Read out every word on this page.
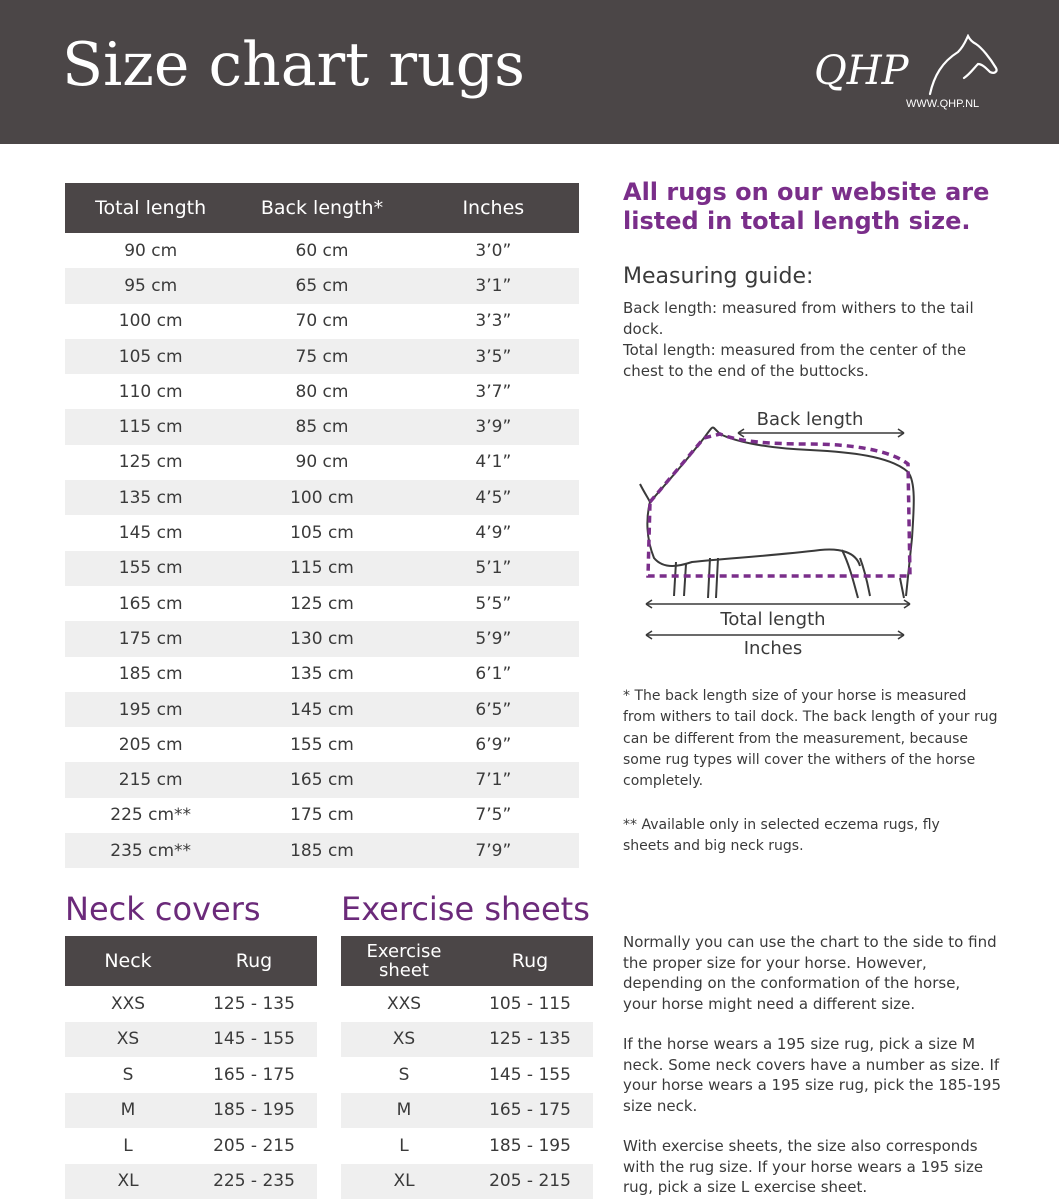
Size chart rugs	QHP
WWW.QHP.NL
Total length	Back length*	Inches
90 cm	60 cm	3’0”
95 cm	65 cm	3’1”
100 cm	70 cm	3’3”
105 cm	75 cm	3’5”
110 cm	80 cm	3’7”
115 cm	85 cm	3’9”
125 cm	90 cm	4’1”
135 cm	100 cm	4’5”
145 cm	105 cm	4’9”
155 cm	115 cm	5’1”
165 cm	125 cm	5’5”
175 cm	130 cm	5’9”
185 cm	135 cm	6’1”
195 cm	145 cm	6’5”
205 cm	155 cm	6’9”
215 cm	165 cm	7’1”
225 cm**	175 cm	7’5”
235 cm**	185 cm	7’9”
All rugs on our website are listed in total length size.
Measuring guide:

Back length: measured from withers to the tail dock.

Total length: measured from the center of the chest to the end of the buttocks.

Back length
Total length
Inches
* The back length size of your horse is measured from withers to tail dock. The back length of your rug can be different from the measurement, because some rug types will cover the withers of the horse completely.
** Available only in selected eczema rugs, fly sheets and big neck rugs.
Neck covers
Neck	Rug
XXS	125 - 135
XS	145 - 155
S	165 - 175
M	185 - 195
L	205 - 215
XL	225 - 235
Exercise sheets
Exercise sheet	Rug
XXS	105 - 115
XS	125 - 135
S	145 - 155
M	165 - 175
L	185 - 195
XL	205 - 215
Normally you can use the chart to the side to find the proper size for your horse. However, depending on the conformation of the horse, your horse might need a different size.
If the horse wears a 195 size rug, pick a size M neck. Some neck covers have a number as size. If your horse wears a 195 size rug, pick the 185-195 size neck.
With exercise sheets, the size also corresponds with the rug size. If your horse wears a 195 size rug, pick a size L exercise sheet.
